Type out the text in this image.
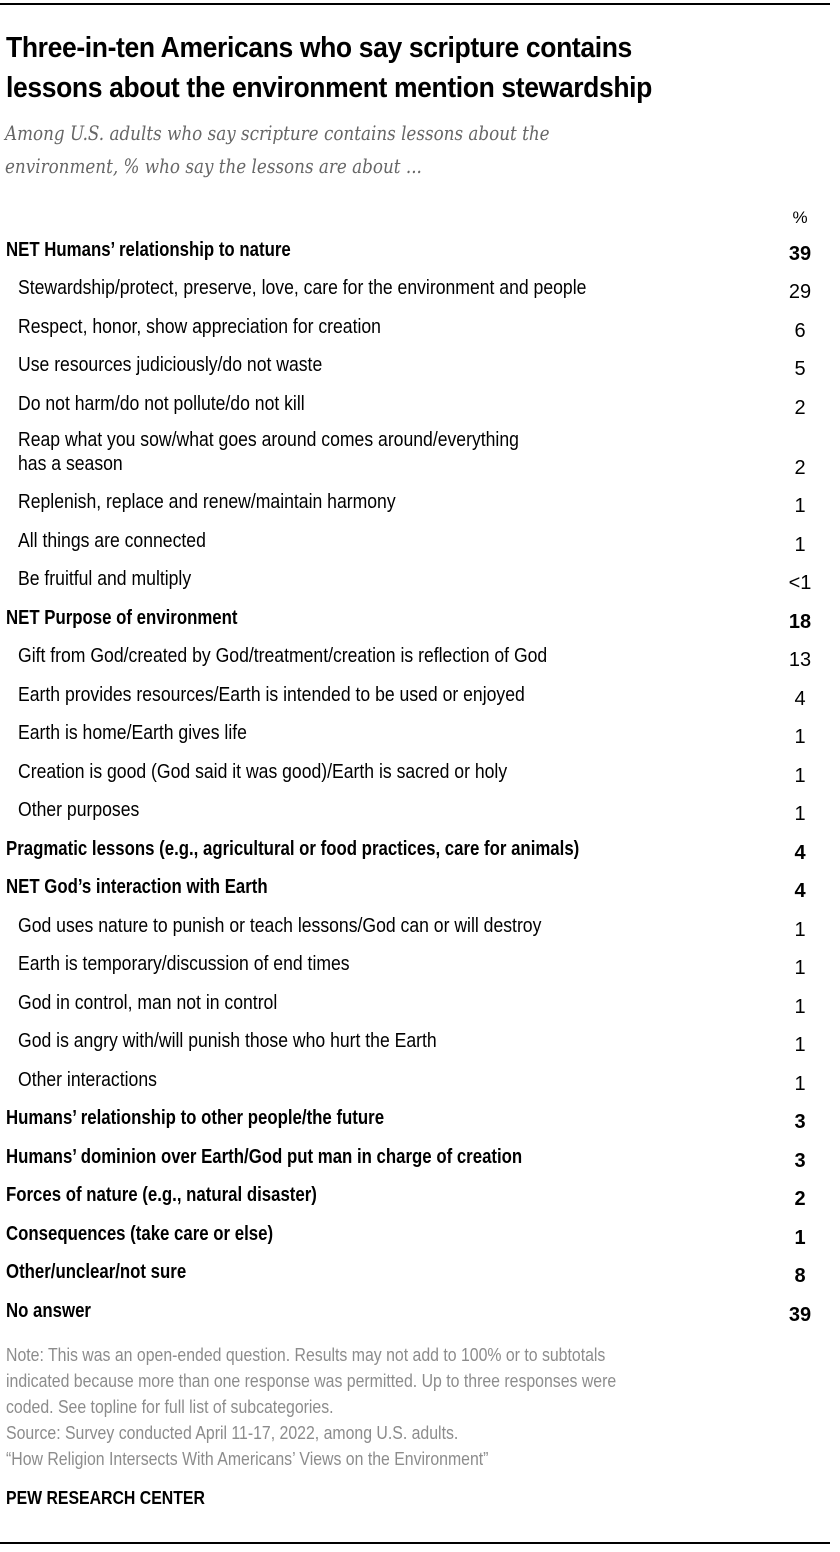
Three-in-ten Americans who say scripture contains
lessons about the environment mention stewardship
Among U.S. adults who say scripture contains lessons about the
environment, % who say the lessons are about ...
%
NET Humans’ relationship to nature	39
Stewardship/protect, preserve, love, care for the environment and people	29
Respect, honor, show appreciation for creation	6
Use resources judiciously/do not waste	5
Do not harm/do not pollute/do not kill	2
Reap what you sow/what goes around comes around/everything
has a season	2
Replenish, replace and renew/maintain harmony	1
All things are connected	1
Be fruitful and multiply	<1
NET Purpose of environment	18
Gift from God/created by God/treatment/creation is reflection of God	13
Earth provides resources/Earth is intended to be used or enjoyed	4
Earth is home/Earth gives life	1
Creation is good (God said it was good)/Earth is sacred or holy	1
Other purposes	1
Pragmatic lessons (e.g., agricultural or food practices, care for animals)	4
NET God’s interaction with Earth	4
God uses nature to punish or teach lessons/God can or will destroy	1
Earth is temporary/discussion of end times	1
God in control, man not in control	1
God is angry with/will punish those who hurt the Earth	1
Other interactions	1
Humans’ relationship to other people/the future	3
Humans’ dominion over Earth/God put man in charge of creation	3
Forces of nature (e.g., natural disaster)	2
Consequences (take care or else)	1
Other/unclear/not sure	8
No answer	39
Note: This was an open-ended question. Results may not add to 100% or to subtotals
indicated because more than one response was permitted. Up to three responses were
coded. See topline for full list of subcategories.
Source: Survey conducted April 11-17, 2022, among U.S. adults.
“How Religion Intersects With Americans’ Views on the Environment”
PEW RESEARCH CENTER
